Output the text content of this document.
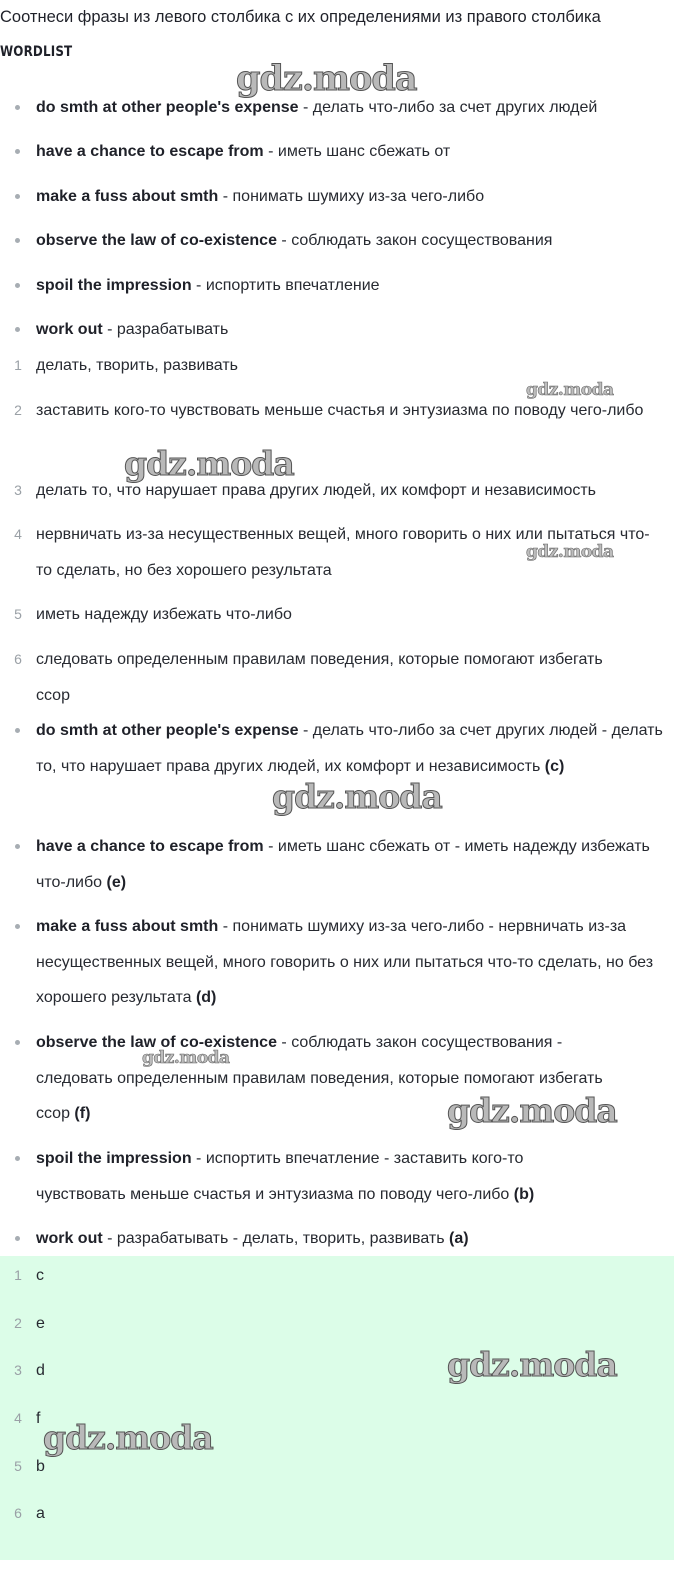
Соотнеси фразы из левого столбика с их определениями из правого столбика
WORDLIST
do smth at other people's expense - делать что-либо за счет других людей
have a chance to escape from - иметь шанс сбежать от
make a fuss about smth - понимать шумиху из-за чего-либо
observe the law of co-existence - соблюдать закон сосуществования
spoil the impression - испортить впечатление
work out - разрабатывать
1 делать, творить, развивать
2 заставить кого-то чувствовать меньше счастья и энтузиазма по поводу чего-либо
3 делать то, что нарушает права других людей, их комфорт и независимость
4 нервничать из-за несущественных вещей, много говорить о них или пытаться что-то сделать, но без хорошего результата
5 иметь надежду избежать что-либо
6 следовать определенным правилам поведения, которые помогают избегать ссор
do smth at other people's expense - делать что-либо за счет других людей - делать то, что нарушает права других людей, их комфорт и независимость (c)
have a chance to escape from - иметь шанс сбежать от - иметь надежду избежать что-либо (e)
make a fuss about smth - понимать шумиху из-за чего-либо - нервничать из-за несущественных вещей, много говорить о них или пытаться что-то сделать, но без хорошего результата (d)
observe the law of co-existence - соблюдать закон сосуществования - следовать определенным правилам поведения, которые помогают избегать ссор (f)
spoil the impression - испортить впечатление - заставить кого-то чувствовать меньше счастья и энтузиазма по поводу чего-либо (b)
work out - разрабатывать - делать, творить, развивать (a)
1 c
2 e
3 d
4 f
5 b
6 a
gdz.moda
gdz.moda
gdz.moda
gdz.moda
gdz.moda
gdz.moda
gdz.moda
gdz.moda
gdz.moda
